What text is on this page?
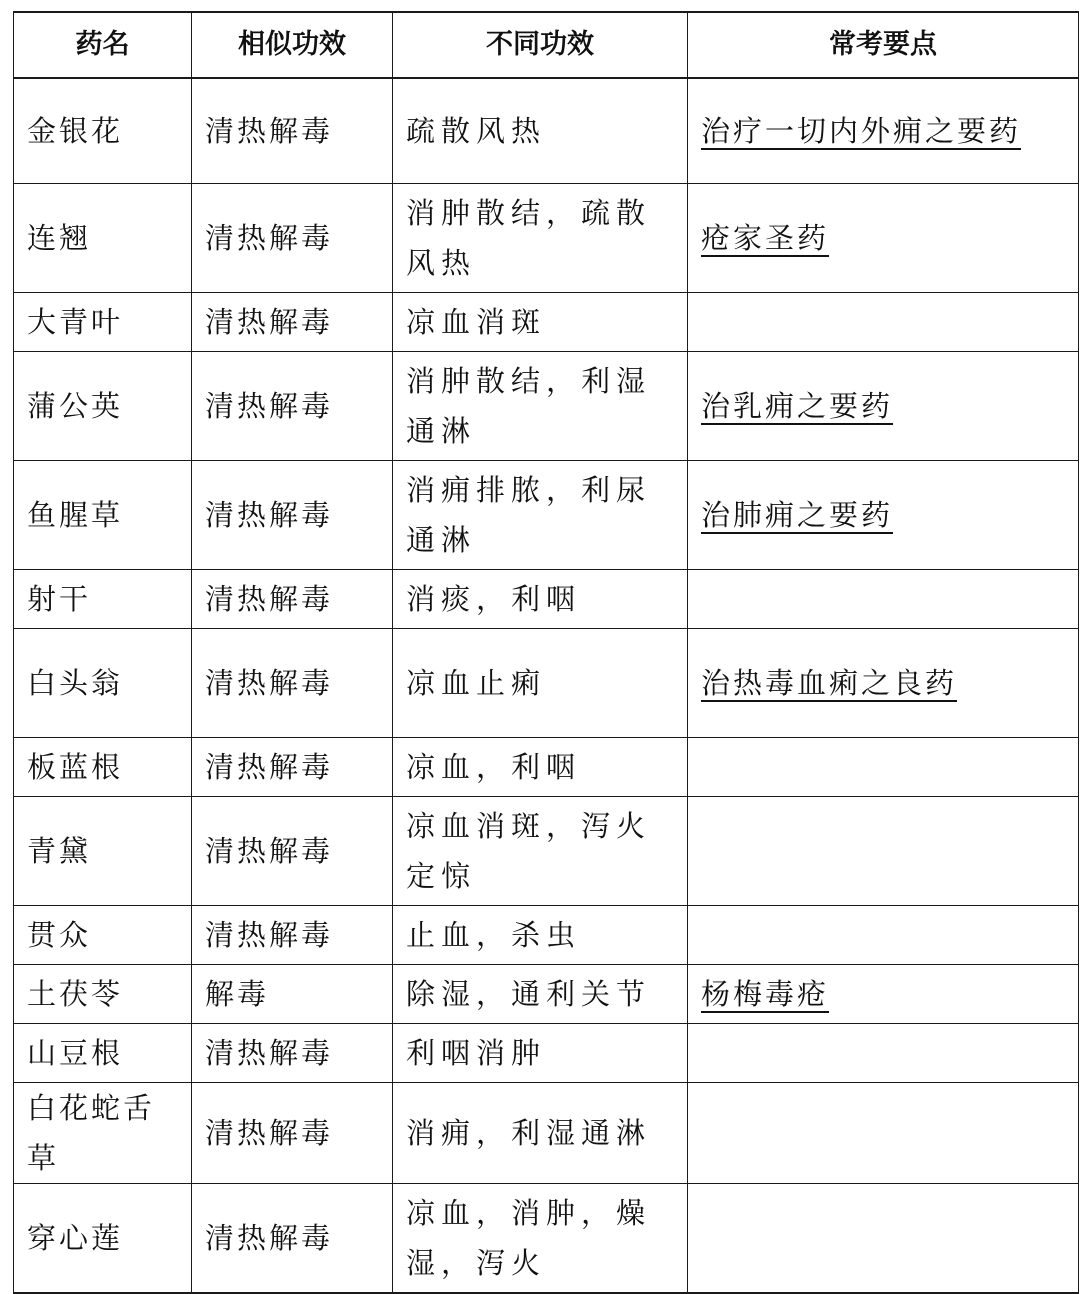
药名	相似功效	不同功效	常考要点
金银花	清热解毒	疏散风热	治疗一切内外痈之要药
连翘	清热解毒	消肿散结，疏散风热	疮家圣药
大青叶	清热解毒	凉血消斑	
蒲公英	清热解毒	消肿散结，利湿通淋	治乳痈之要药
鱼腥草	清热解毒	消痈排脓，利尿通淋	治肺痈之要药
射干	清热解毒	消痰，利咽	
白头翁	清热解毒	凉血止痢	治热毒血痢之良药
板蓝根	清热解毒	凉血，利咽	
青黛	清热解毒	凉血消斑，泻火定惊	
贯众	清热解毒	止血，杀虫	
土茯苓	解毒	除湿，通利关节	杨梅毒疮
山豆根	清热解毒	利咽消肿	
白花蛇舌草	清热解毒	消痈，利湿通淋	
穿心莲	清热解毒	凉血，消肿，燥湿，泻火	
